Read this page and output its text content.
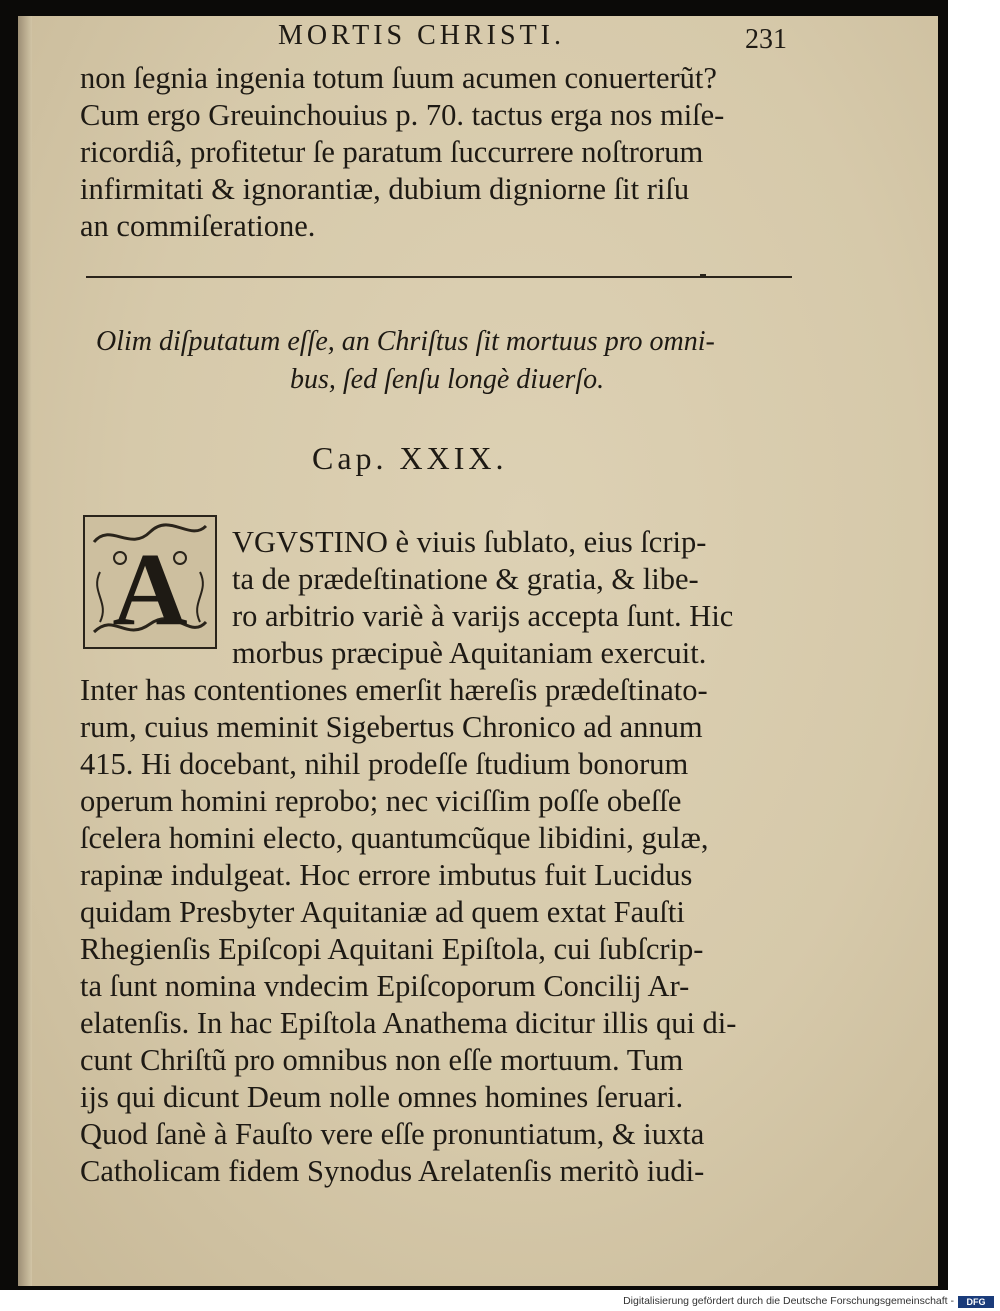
MORTIS CHRISTI.	231
non ſegnia ingenia totum ſuum acumen conuerterũt?
Cum ergo Greuinchouius p. 70. tactus erga nos miſe-
ricordiâ, profitetur ſe paratum ſuccurrere noſtrorum
infirmitati & ignorantiæ, dubium digniorne ſit riſu
an commiſeratione.
Olim diſputatum eſſe, an Chriſtus ſit mortuus pro omni-
bus, ſed ſenſu longè diuerſo.
Cap. XXIX.
A VGVSTINO è viuis ſublato, eius ſcrip-
ta de prædeſtinatione & gratia, & libe-
ro arbitrio variè à varijs accepta ſunt. Hic
morbus præcipuè Aquitaniam exercuit.
Inter has contentiones emerſit hæreſis prædeſtinato-
rum, cuius meminit Sigebertus Chronico ad annum
415. Hi docebant, nihil prodeſſe ſtudium bonorum
operum homini reprobo; nec viciſſim poſſe obeſſe
ſcelera homini electo, quantumcũque libidini, gulæ,
rapinæ indulgeat. Hoc errore imbutus fuit Lucidus
quidam Presbyter Aquitaniæ ad quem extat Fauſti
Rhegienſis Epiſcopi Aquitani Epiſtola, cui ſubſcrip-
ta ſunt nomina vndecim Epiſcoporum Concilij Ar-
elatenſis. In hac Epiſtola Anathema dicitur illis qui di-
cunt Chriſtũ pro omnibus non eſſe mortuum. Tum
ijs qui dicunt Deum nolle omnes homines ſeruari.
Quod ſanè à Fauſto vere eſſe pronuntiatum, & iuxta
Catholicam fidem Synodus Arelatenſis meritò iudi-
Digitalisierung gefördert durch die Deutsche Forschungsgemeinschaft -	DFG
